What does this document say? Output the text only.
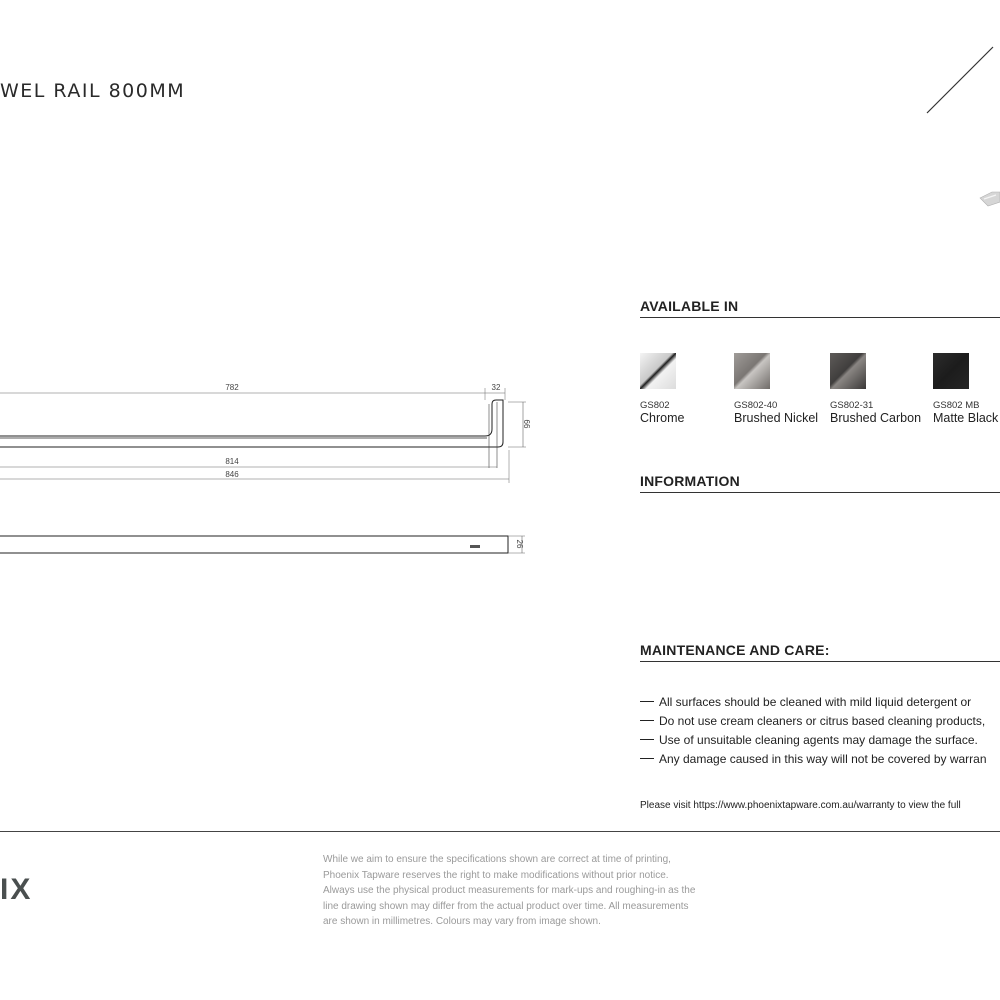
WEL RAIL 800MM
782	32
66
814
846
26
AVAILABLE IN
GS802
Chrome
GS802-40
Brushed Nickel
GS802-31
Brushed Carbon
GS802 MB
Matte Black
INFORMATION
MAINTENANCE AND CARE:
All surfaces should be cleaned with mild liquid detergent or
Do not use cream cleaners or citrus based cleaning products,
Use of unsuitable cleaning agents may damage the surface.
Any damage caused in this way will not be covered by warran
Please visit https://www.phoenixtapware.com.au/warranty to view the full
IX
While we aim to ensure the specifications shown are correct at time of printing,
Phoenix Tapware reserves the right to make modifications without prior notice.
Always use the physical product measurements for mark-ups and roughing-in as the
line drawing shown may differ from the actual product over time. All measurements
are shown in millimetres. Colours may vary from image shown.
